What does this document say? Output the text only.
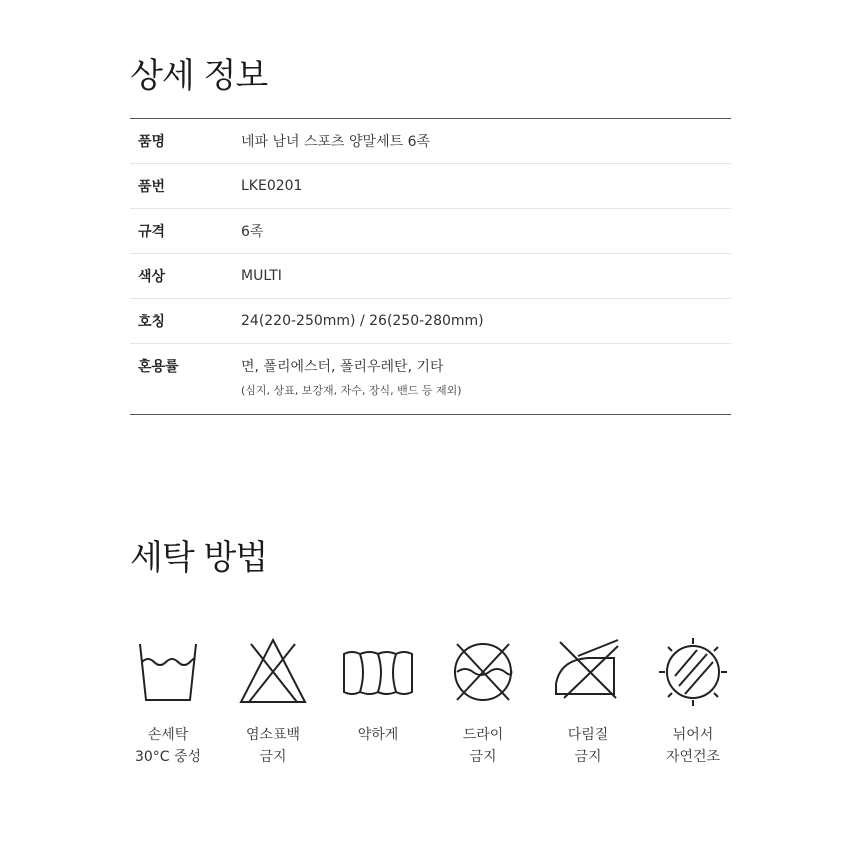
상세 정보
품명	네파 남녀 스포츠 양말세트 6족
품번	LKE0201
규격	6족
색상	MULTI
호칭	24(220-250mm) / 26(250-280mm)
혼용률	면, 폴리에스터, 폴리우레탄, 기타
(심지, 상표, 보강재, 자수, 장식, 밴드 등 제외)
세탁 방법
손세탁
30°C 중성
염소표백
금지
약하게	드라이
금지
다림질
금지
뉘어서
자연건조
